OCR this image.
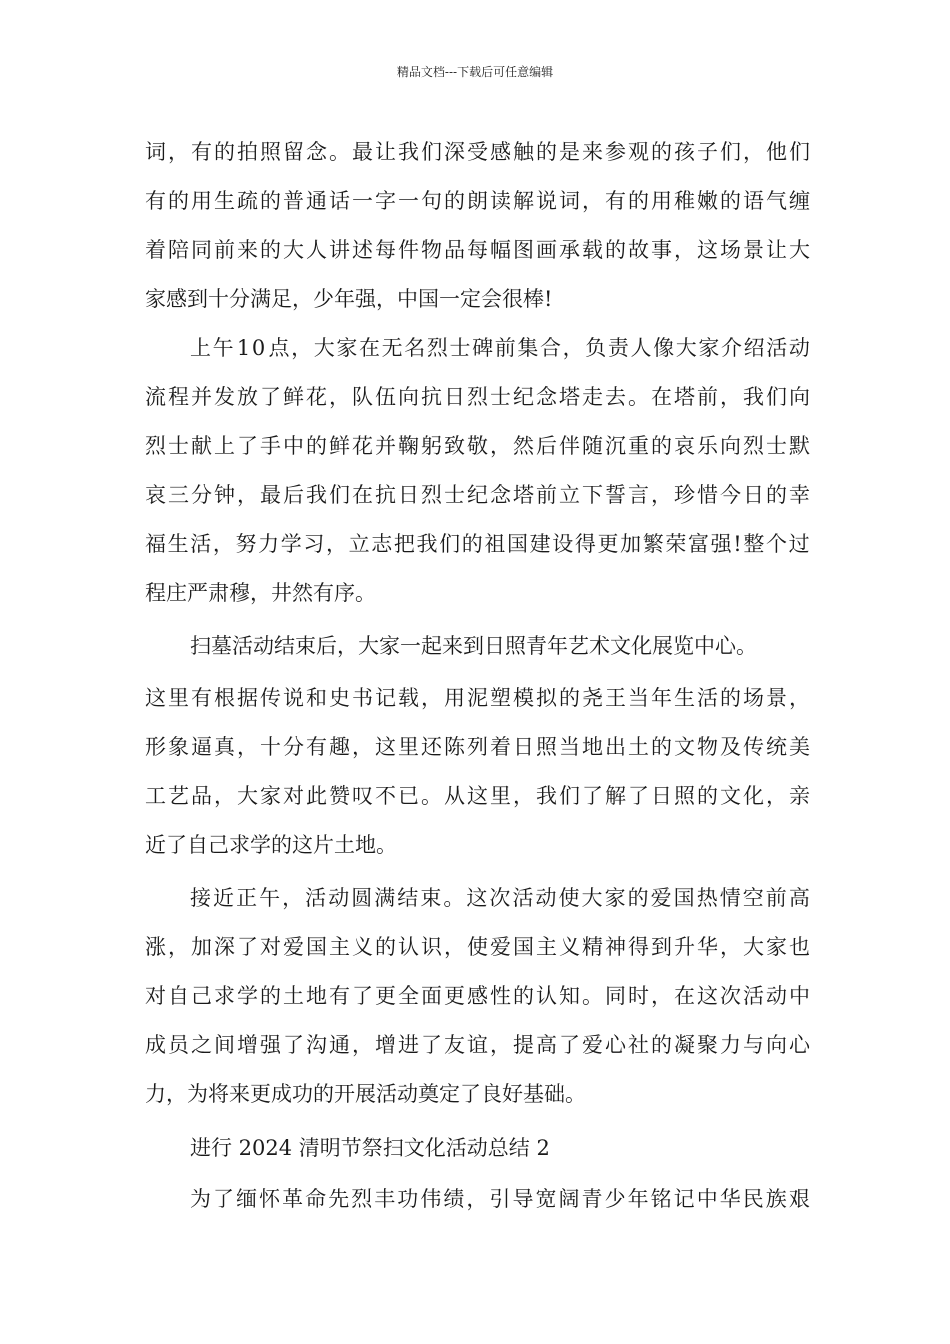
精品文档---下载后可任意编辑
词 ， 有 的 拍 照 留 念 。 最 让 我 们 深 受 感 触 的 是 来 参 观 的 孩 子 们 ， 他 们
有 的 用 生 疏 的 普 通 话 一 字 一 句 的 朗 读 解 说 词 ， 有 的 用 稚 嫩 的 语 气 缠
着 陪 同 前 来 的 大 人 讲 述 每 件 物 品 每 幅 图 画 承 载 的 故 事 ， 这 场 景 让 大
家感到十分满足，少年强，中国一定会很棒!
上 午 1 0 点 ， 大 家 在 无 名 烈 士 碑 前 集 合 ， 负 责 人 像 大 家 介 绍 活 动
流 程 并 发 放 了 鲜 花 ， 队 伍 向 抗 日 烈 士 纪 念 塔 走 去 。 在 塔 前 ， 我 们 向
烈 士 献 上 了 手 中 的 鲜 花 并 鞠 躬 致 敬 ， 然 后 伴 随 沉 重 的 哀 乐 向 烈 士 默
哀 三 分 钟 ， 最 后 我 们 在 抗 日 烈 士 纪 念 塔 前 立 下 誓 言 ， 珍 惜 今 日 的 幸
福 生 活 ， 努 力 学 习 ， 立 志 把 我 们 的 祖 国 建 设 得 更 加 繁 荣 富 强 ! 整 个 过
程庄严肃穆，井然有序。
扫墓活动结束后，大家一起来到日照青年艺术文化展览中心。
这 里 有 根 据 传 说 和 史 书 记 载 ， 用 泥 塑 模 拟 的 尧 王 当 年 生 活 的 场 景 ，
形 象 逼 真 ， 十 分 有 趣 ， 这 里 还 陈 列 着 日 照 当 地 出 土 的 文 物 及 传 统 美
工 艺 品 ， 大 家 对 此 赞 叹 不 已 。 从 这 里 ， 我 们 了 解 了 日 照 的 文 化 ， 亲
近了自己求学的这片土地。
接 近 正 午 ， 活 动 圆 满 结 束 。 这 次 活 动 使 大 家 的 爱 国 热 情 空 前 高
涨 ， 加 深 了 对 爱 国 主 义 的 认 识 ， 使 爱 国 主 义 精 神 得 到 升 华 ， 大 家 也
对 自 己 求 学 的 土 地 有 了 更 全 面 更 感 性 的 认 知 。 同 时 ， 在 这 次 活 动 中
成 员 之 间 增 强 了 沟 通 ， 增 进 了 友 谊 ， 提 高 了 爱 心 社 的 凝 聚 力 与 向 心
力，为将来更成功的开展活动奠定了良好基础。
进行 2024 清明节祭扫文化活动总结 2
为 了 缅 怀 革 命 先 烈 丰 功 伟 绩 ， 引 导 宽 阔 青 少 年 铭 记 中 华 民 族 艰
